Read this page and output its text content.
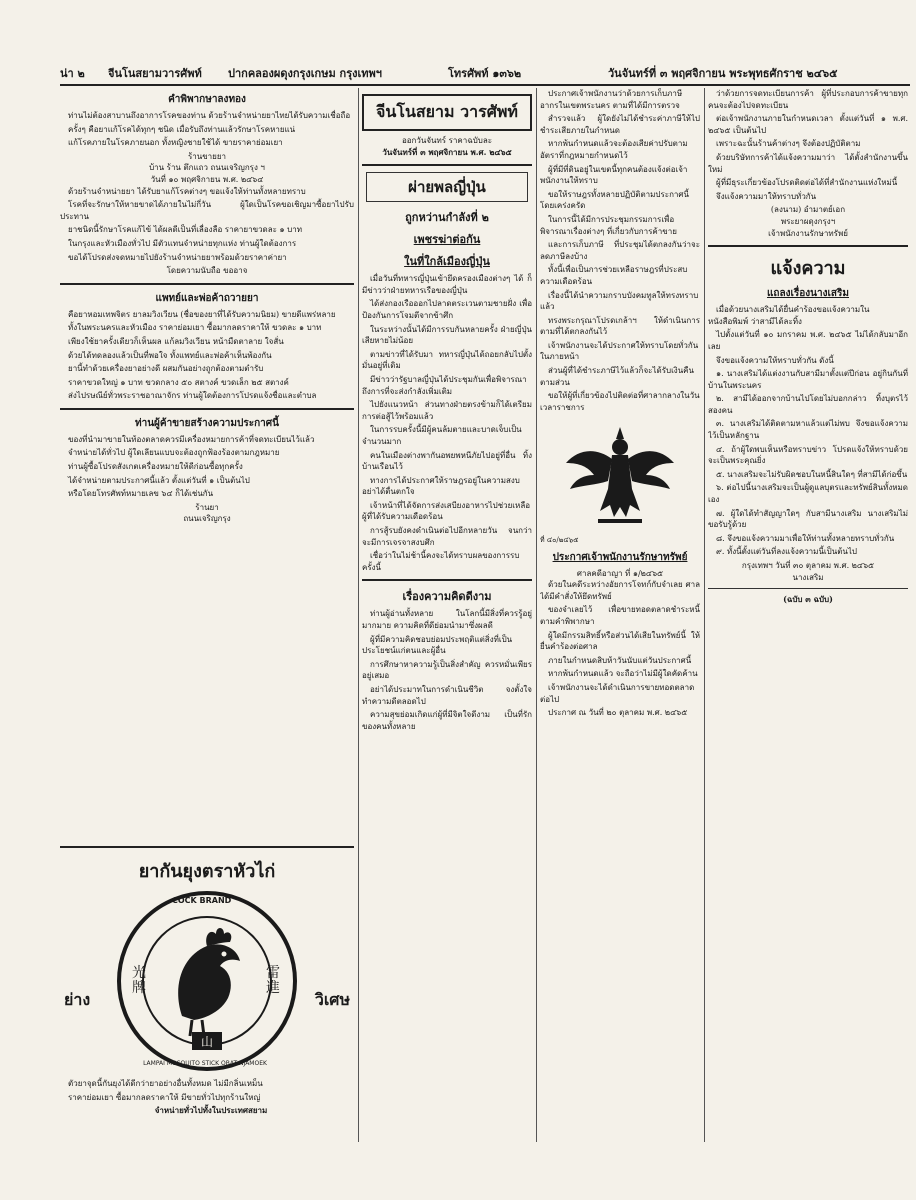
น่า ๒ จีนโนสยามวารศัพท์ ปากคลองผดุงกรุงเกษม กรุงเทพฯ	โทรศัพท์ ๑๓๖๒	วันจันทร์ที่ ๓ พฤศจิกายน พระพุทธศักราช ๒๔๖๕
คำพิพากษาลงทอง

ท่านไม่ต้องสาบานถึงอาการโรคของท่าน ด้วยร้านจำหน่ายยาไทยได้รับความเชื่อถือ

ครั้งๆ คือยาแก้โรคได้ทุกๆ ชนิด เมื่อรับถึงท่านแล้วรักษาโรคหายแน่

แก้โรคภายในโรคภายนอก ทั้งหญิงชายใช้ได้ ขายราคาย่อมเยา

ร้านขายยา
บ้าน ร้าน ตึกแถว ถนนเจริญกรุง ฯ
วันที่ ๑๐ พฤศจิกายน พ.ศ. ๒๔๖๔

ด้วยร้านจำหน่ายยา ได้รับยาแก้โรคต่างๆ ขอแจ้งให้ท่านทั้งหลายทราบ

โรคที่จะรักษาให้หายขาดได้ภายในไม่กี่วัน ผู้ใดเป็นโรคขอเชิญมาซื้อยาไปรับประทาน

ยาชนิดนี้รักษาโรคแก้ไข้ ได้ผลดีเป็นที่เลื่องลือ ราคายาขวดละ ๑ บาท

ในกรุงและหัวเมืองทั่วไป มีตัวแทนจำหน่ายทุกแห่ง ท่านผู้ใดต้องการ

ขอได้โปรดส่งจดหมายไปยังร้านจำหน่ายยาพร้อมด้วยราคาค่ายา

โดยความนับถือ ขออาจ
แพทย์และพ่อค้าถวายยา

คือยาหอมเทพจิตร ยาลมวิงเวียน (ชื่อของยาที่ได้รับความนิยม) ขายดีแพร่หลาย

ทั้งในพระนครและหัวเมือง ราคาย่อมเยา ซื้อมากลดราคาให้ ขวดละ ๑ บาท

เพียงใช้ยาครั้งเดียวก็เห็นผล แก้ลมวิงเวียน หน้ามืดตาลาย ใจสั่น

ด้วยได้ทดลองแล้วเป็นที่พอใจ ทั้งแพทย์และพ่อค้าเห็นพ้องกัน

ยานี้ทำด้วยเครื่องยาอย่างดี ผสมกันอย่างถูกต้องตามตำรับ

ราคาขวดใหญ่ ๑ บาท ขวดกลาง ๕๐ สตางค์ ขวดเล็ก ๒๕ สตางค์

ส่งไปรษณีย์ทั่วพระราชอาณาจักร ท่านผู้ใดต้องการโปรดแจ้งชื่อและตำบล

ท่านผู้ค้าขายสร้างความประกาศนี้

ของที่นำมาขายในท้องตลาดควรมีเครื่องหมายการค้าที่จดทะเบียนไว้แล้ว

จำหน่ายได้ทั่วไป ผู้ใดเลียนแบบจะต้องถูกฟ้องร้องตามกฎหมาย

ท่านผู้ซื้อโปรดสังเกตเครื่องหมายให้ดีก่อนซื้อทุกครั้ง

ได้จำหน่ายตามประกาศนี้แล้ว ตั้งแต่วันที่ ๑ เป็นต้นไป

หรือโดยโทรศัพท์หมายเลข ๖๔ ก็ได้เช่นกัน

ร้านยา
ถนนเจริญกรุง
ยากันยุงตราหัวไก่
山
COCK BRAND
LAMPAI MOSQUITO STICK OBAT NJAMOEK
光牌
雷進
ย่าง	วิเศษ

ตัวยาจุดนี้กันยุงได้ดีกว่ายาอย่างอื่นทั้งหมด ไม่มีกลิ่นเหม็น

ราคาย่อมเยา ซื้อมากลดราคาให้ มีขายทั่วไปทุกร้านใหญ่

จำหน่ายทั่วไปทั้งในประเทศสยาม

จีนโนสยาม วารศัพท์
ออกวันจันทร์ ราคาฉบับละ
วันจันทร์ที่ ๓ พฤศจิกายน พ.ศ. ๒๔๖๕
ผ่ายพลญี่ปุ่น
ถูกหว่านกำลังที่ ๒
เพชรฆ่าต่อกัน
ในที่ใกล้เมืองญี่ปุ่น

เมื่อวันที่ทหารญี่ปุ่นเข้ายึดครองเมืองต่างๆ ได้ ก็มีข่าวว่าฝ่ายทหารเรือของญี่ปุ่น

ได้ส่งกองเรือออกไปลาดตระเวนตามชายฝั่ง เพื่อป้องกันการโจมตีจากข้าศึก

ในระหว่างนั้นได้มีการรบกันหลายครั้ง ฝ่ายญี่ปุ่นเสียหายไม่น้อย

ตามข่าวที่ได้รับมา ทหารญี่ปุ่นได้ถอยกลับไปตั้งมั่นอยู่ที่เดิม

มีข่าวว่ารัฐบาลญี่ปุ่นได้ประชุมกันเพื่อพิจารณาถึงการที่จะส่งกำลังเพิ่มเติม

ไปยังแนวหน้า ส่วนทางฝ่ายตรงข้ามก็ได้เตรียมการต่อสู้ไว้พร้อมแล้ว

ในการรบครั้งนี้มีผู้คนล้มตายและบาดเจ็บเป็นจำนวนมาก

คนในเมืองต่างพากันอพยพหนีภัยไปอยู่ที่อื่น ทิ้งบ้านเรือนไว้

ทางการได้ประกาศให้ราษฎรอยู่ในความสงบ อย่าได้ตื่นตกใจ

เจ้าหน้าที่ได้จัดการส่งเสบียงอาหารไปช่วยเหลือผู้ที่ได้รับความเดือดร้อน

การสู้รบยังคงดำเนินต่อไปอีกหลายวัน จนกว่าจะมีการเจรจาสงบศึก

เชื่อว่าในไม่ช้านี้คงจะได้ทราบผลของการรบครั้งนี้

เรื่องความคิดดีงาม

ท่านผู้อ่านทั้งหลาย ในโลกนี้มีสิ่งที่ควรรู้อยู่มากมาย ความคิดที่ดีย่อมนำมาซึ่งผลดี

ผู้ที่มีความคิดชอบย่อมประพฤติแต่สิ่งที่เป็นประโยชน์แก่ตนและผู้อื่น

การศึกษาหาความรู้เป็นสิ่งสำคัญ ควรหมั่นเพียรอยู่เสมอ

อย่าได้ประมาทในการดำเนินชีวิต จงตั้งใจทำความดีตลอดไป

ความสุขย่อมเกิดแก่ผู้ที่มีจิตใจดีงาม เป็นที่รักของคนทั้งหลาย

ประกาศเจ้าพนักงานว่าด้วยการเก็บภาษีอากรในเขตพระนคร ตามที่ได้มีการตรวจ

สำรวจแล้ว ผู้ใดยังไม่ได้ชำระค่าภาษีให้ไปชำระเสียภายในกำหนด

หากพ้นกำหนดแล้วจะต้องเสียค่าปรับตามอัตราที่กฎหมายกำหนดไว้

ผู้ที่มีที่ดินอยู่ในเขตนี้ทุกคนต้องแจ้งต่อเจ้าพนักงานให้ทราบ

ขอให้ราษฎรทั้งหลายปฏิบัติตามประกาศนี้โดยเคร่งครัด

ในการนี้ได้มีการประชุมกรรมการเพื่อพิจารณาเรื่องต่างๆ ที่เกี่ยวกับการค้าขาย

และการเก็บภาษี ที่ประชุมได้ตกลงกันว่าจะลดภาษีลงบ้าง

ทั้งนี้เพื่อเป็นการช่วยเหลือราษฎรที่ประสบความเดือดร้อน

เรื่องนี้ได้นำความกราบบังคมทูลให้ทรงทราบแล้ว

ทรงพระกรุณาโปรดเกล้าฯ ให้ดำเนินการตามที่ได้ตกลงกันไว้

เจ้าพนักงานจะได้ประกาศให้ทราบโดยทั่วกันในภายหน้า

ส่วนผู้ที่ได้ชำระภาษีไว้แล้วก็จะได้รับเงินคืนตามส่วน

ขอให้ผู้ที่เกี่ยวข้องไปติดต่อที่ศาลากลางในวันเวลาราชการ

ที่ ๔๐/๒๔๖๕
ประกาศเจ้าพนักงานรักษาทรัพย์
ศาลคดีอาญา ที่ ๑/๒๔๖๕

ด้วยในคดีระหว่างอัยการโจทก์กับจำเลย ศาลได้มีคำสั่งให้ยึดทรัพย์

ของจำเลยไว้ เพื่อขายทอดตลาดชำระหนี้ตามคำพิพากษา

ผู้ใดมีกรรมสิทธิ์หรือส่วนได้เสียในทรัพย์นี้ ให้ยื่นคำร้องต่อศาล

ภายในกำหนดสิบห้าวันนับแต่วันประกาศนี้

หากพ้นกำหนดแล้ว จะถือว่าไม่มีผู้ใดคัดค้าน

เจ้าพนักงานจะได้ดำเนินการขายทอดตลาดต่อไป

ประกาศ ณ วันที่ ๒๐ ตุลาคม พ.ศ. ๒๔๖๕

ว่าด้วยการจดทะเบียนการค้า ผู้ที่ประกอบการค้าขายทุกคนจะต้องไปจดทะเบียน

ต่อเจ้าพนักงานภายในกำหนดเวลา ตั้งแต่วันที่ ๑ พ.ศ. ๒๔๖๕ เป็นต้นไป

เพราะฉะนั้นร้านค้าต่างๆ จึงต้องปฏิบัติตาม

ด้วยบริษัทการค้าได้แจ้งความมาว่า ได้ตั้งสำนักงานขึ้นใหม่

ผู้ที่มีธุระเกี่ยวข้องโปรดติดต่อได้ที่สำนักงานแห่งใหม่นี้

จึงแจ้งความมาให้ทราบทั่วกัน

(ลงนาม) อำมาตย์เอก
พระยาผดุงกรุงฯ
เจ้าพนักงานรักษาทรัพย์
แจ้งความ
แถลงเรื่องนางเสริม

เมื่อด้วยนางเสริมได้ยื่นคำร้องขอแจ้งความในหนังสือพิมพ์ ว่าสามีได้ละทิ้ง

ไปตั้งแต่วันที่ ๑๐ มกราคม พ.ศ. ๒๔๖๕ ไม่ได้กลับมาอีกเลย

จึงขอแจ้งความให้ทราบทั่วกัน ดังนี้

๑. นางเสริมได้แต่งงานกับสามีมาตั้งแต่ปีก่อน อยู่กินกันที่บ้านในพระนคร

๒. สามีได้ออกจากบ้านไปโดยไม่บอกกล่าว ทิ้งบุตรไว้สองคน

๓. นางเสริมได้ติดตามหาแล้วแต่ไม่พบ จึงขอแจ้งความไว้เป็นหลักฐาน

๔. ถ้าผู้ใดพบเห็นหรือทราบข่าว โปรดแจ้งให้ทราบด้วย จะเป็นพระคุณยิ่ง

๕. นางเสริมจะไม่รับผิดชอบในหนี้สินใดๆ ที่สามีได้ก่อขึ้น

๖. ต่อไปนี้นางเสริมจะเป็นผู้ดูแลบุตรและทรัพย์สินทั้งหมดเอง

๗. ผู้ใดได้ทำสัญญาใดๆ กับสามีนางเสริม นางเสริมไม่ขอรับรู้ด้วย

๘. จึงขอแจ้งความมาเพื่อให้ท่านทั้งหลายทราบทั่วกัน

๙. ทั้งนี้ตั้งแต่วันที่ลงแจ้งความนี้เป็นต้นไป

กรุงเทพฯ วันที่ ๓๐ ตุลาคม พ.ศ. ๒๔๖๕
นางเสริม
(ฉบับ ๓ ฉบับ)
